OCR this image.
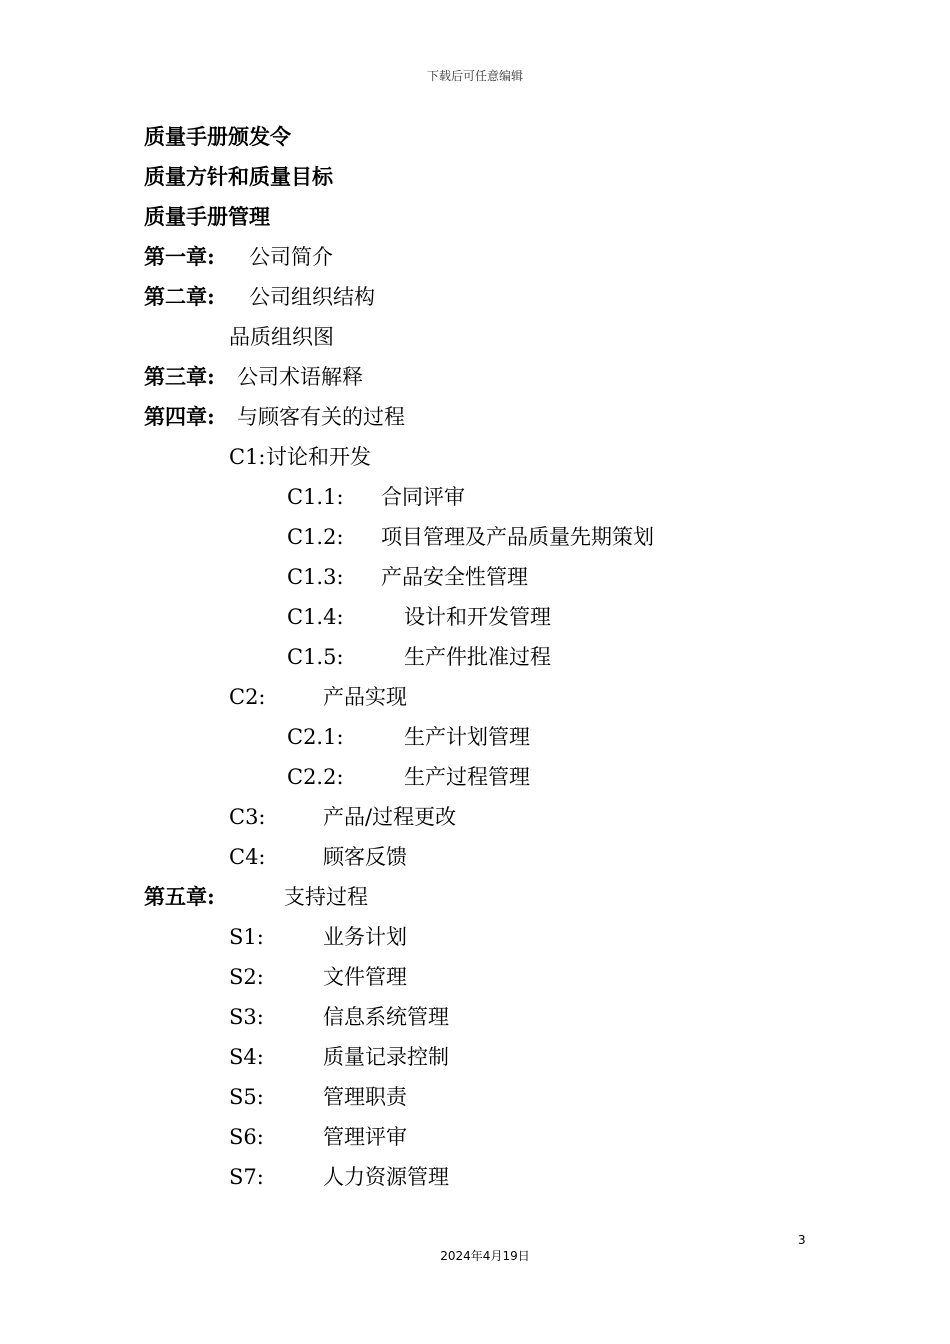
下载后可任意编辑
质量手册颁发令
质量方针和质量目标
质量手册管理
第一章: 公司简介
第二章: 公司组织结构
品质组织图
第三章: 公司术语解释
第四章: 与顾客有关的过程
C1: 讨论和开发
C1.1: 合同评审
C1.2: 项目管理及产品质量先期策划
C1.3: 产品安全性管理
C1.4:	设计和开发管理
C1.5:	生产件批准过程
C2:	产品实现
C2.1:	生产计划管理
C2.2:	生产过程管理
C3:	产品/过程更改
C4:	顾客反馈
第五章:	支持过程
S1:	业务计划
S2:	文件管理
S3:	信息系统管理
S4:	质量记录控制
S5:	管理职责
S6:	管理评审
S7:	人力资源管理
3
2024年4月19日
